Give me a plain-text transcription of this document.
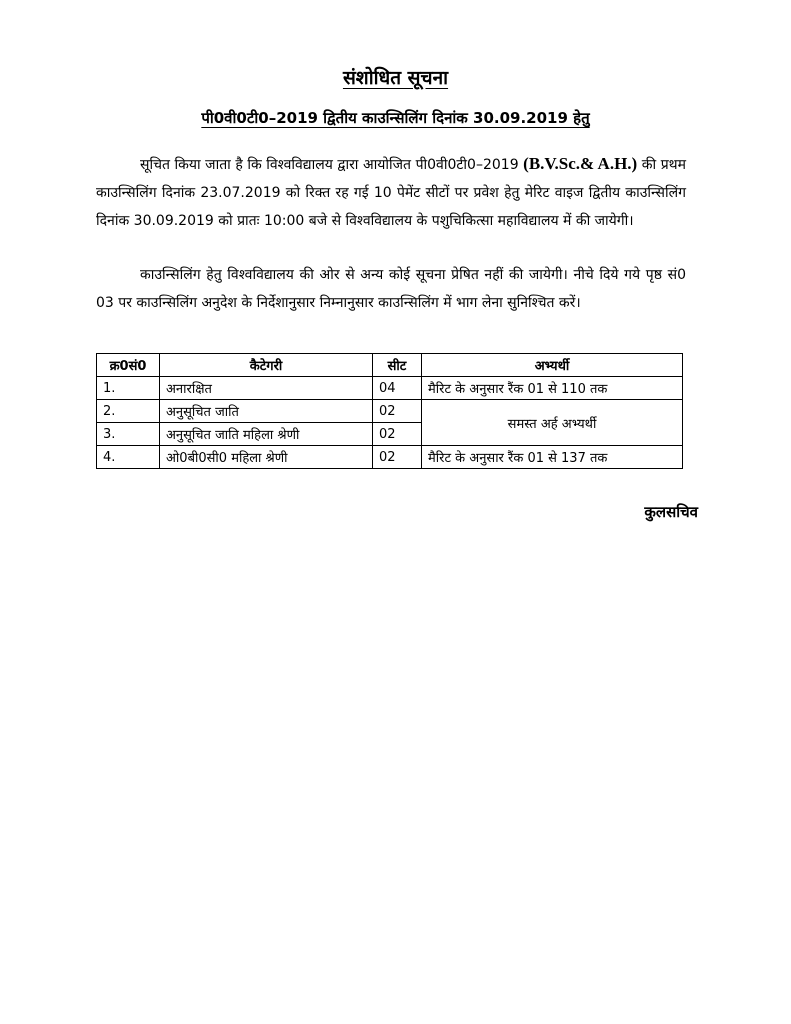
संशोधित सूचना
पी0वी0टी0–2019 द्वितीय काउन्सिलिंग दिनांक 30.09.2019 हेतु

सूचित किया जाता है कि विश्वविद्यालय द्वारा आयोजित पी0वी0टी0–2019 (B.V.Sc.& A.H.) की प्रथम काउन्सिलिंग दिनांक 23.07.2019 को रिक्त रह गई 10 पेमेंट सीटों पर प्रवेश हेतु मेरिट वाइज द्वितीय काउन्सिलिंग दिनांक 30.09.2019 को प्रातः 10:00 बजे से विश्वविद्यालय के पशुचिकित्सा महाविद्यालय में की जायेगी।

काउन्सिलिंग हेतु विश्वविद्यालय की ओर से अन्य कोई सूचना प्रेषित नहीं की जायेगी। नीचे दिये गये पृष्ठ सं0 03 पर काउन्सिलिंग अनुदेश के निर्देशानुसार निम्नानुसार काउन्सिलिंग में भाग लेना सुनिश्चित करें।

क्र0सं0	कैटेगरी	सीट	अभ्यर्थी
1.	अनारक्षित	04	मैरिट के अनुसार रैंक 01 से 110 तक
2.	अनुसूचित जाति	02	समस्त अर्ह अभ्यर्थी
3.	अनुसूचित जाति महिला श्रेणी	02	
4.	ओ0बी0सी0 महिला श्रेणी	02	मैरिट के अनुसार रैंक 01 से 137 तक
कुलसचिव
